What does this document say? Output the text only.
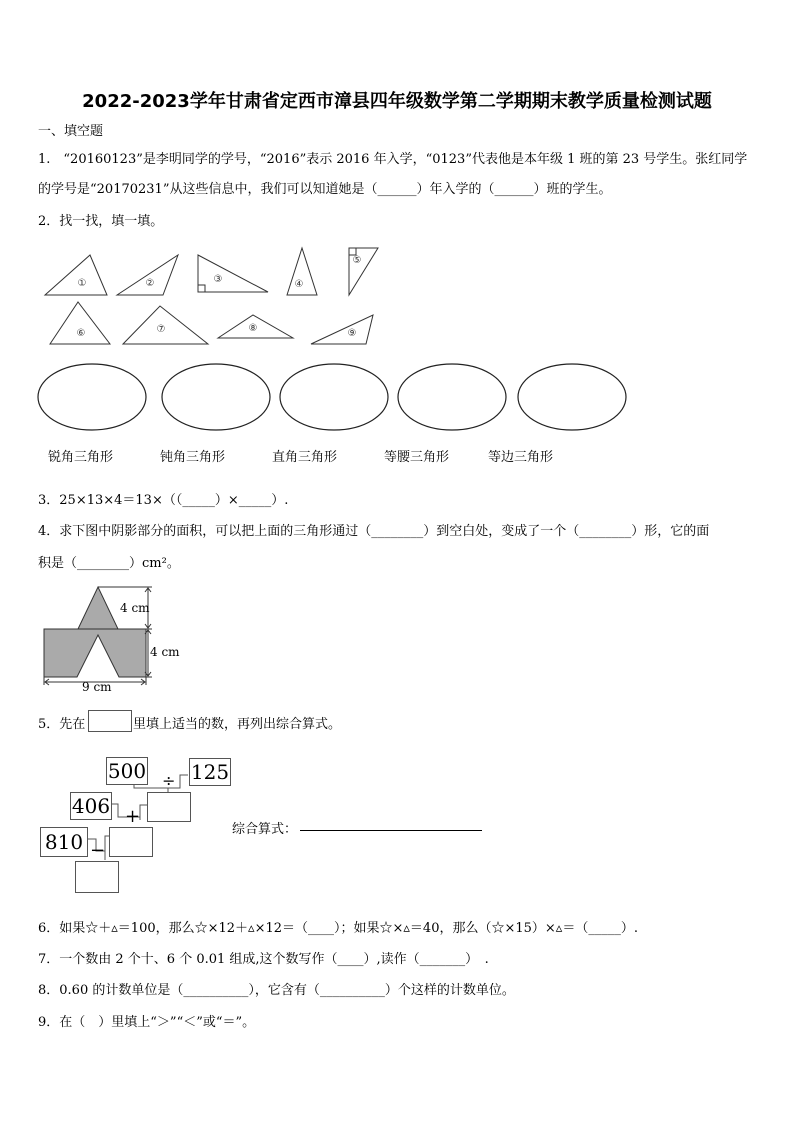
2022-2023学年甘肃省定西市漳县四年级数学第二学期期末教学质量检测试题
一、填空题
1.　“20160123”是李明同学的学号，“2016”表示 2016 年入学，“0123”代表他是本年级 1 班的第 23 号学生。张红同学
的学号是“20170231”从这些信息中，我们可以知道她是（______）年入学的（______）班的学生。
2．找一找，填一填。
①	②	③	④
⑤
⑥	⑦	⑧	⑨
锐角三角形	钝角三角形	直角三角形	等腰三角形	等边三角形
3．25×13×4＝13×（（_____）×_____）.
4．求下图中阴影部分的面积，可以把上面的三角形通过（________）到空白处，变成了一个（________）形，它的面
积是（________）cm²。
4 cm
4 cm
9 cm
5．先在	里填上适当的数，再列出综合算式。
500 ÷ 125
406 +
810 −
综合算式：
6．如果☆＋▵＝100，那么☆×12＋▵×12＝（____）；如果☆×▵＝40，那么（☆×15）×▵＝（_____）.
7．一个数由 2 个十、6 个 0.01 组成,这个数写作（____）,读作（_______）　.
8．0.60 的计数单位是（__________），它含有（__________）个这样的计数单位。
9．在（　）里填上“＞”“＜”或“＝”。
